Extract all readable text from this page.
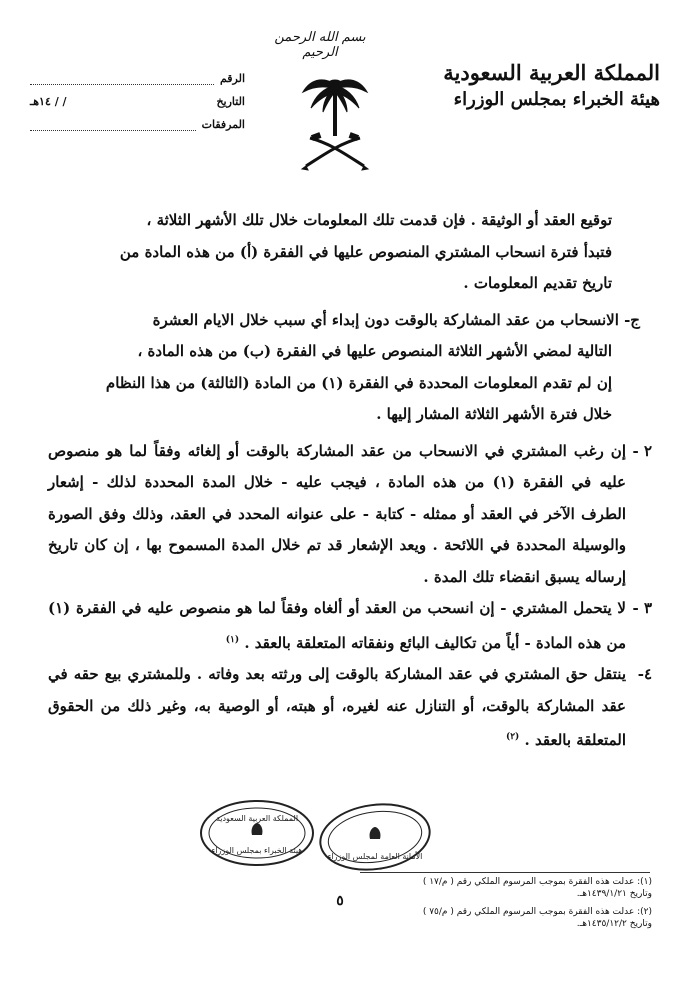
بسم الله الرحمن الرحيم
المملكة العربية السعودية
هيئة الخبراء بمجلس الوزراء
الرقم
التاريخ
/ / ١٤هـ
المرفقات

توقيع العقد أو الوثيقة . فإن قدمت تلك المعلومات خلال تلك الأشهر الثلاثة ،

فتبدأ فترة انسحاب المشتري المنصوص عليها في الفقرة (أ) من هذه المادة من

تاريخ تقديم المعلومات .

ج- الانسحاب من عقد المشاركة بالوقت دون إبداء أي سبب خلال الايام العشرة

التالية لمضي الأشهر الثلاثة المنصوص عليها في الفقرة (ب) من هذه المادة ،

إن لم تقدم المعلومات المحددة في الفقرة (١) من المادة (الثالثة) من هذا النظام

خلال فترة الأشهر الثلاثة المشار إليها .

٢ -
إن رغب المشتري في الانسحاب من عقد المشاركة بالوقت أو إلغائه وفقاً لما هو منصوص عليه في الفقرة (١) من هذه المادة ، فيجب عليه - خلال المدة المحددة لذلك - إشعار الطرف الآخر في العقد أو ممثله - كتابة - على عنوانه المحدد في العقد، وذلك وفق الصورة والوسيلة المحددة في اللائحة . ويعد الإشعار قد تم خلال المدة المسموح بها ، إن كان تاريخ إرساله يسبق انقضاء تلك المدة .
٣ -
لا يتحمل المشتري - إن انسحب من العقد أو ألغاه وفقاً لما هو منصوص عليه في الفقرة (١) من هذه المادة - أياً من تكاليف البائع ونفقاته المتعلقة بالعقد . $^{(١)}$
٤-
ينتقل حق المشتري في عقد المشاركة بالوقت إلى ورثته بعد وفاته . وللمشتري بيع حقه في عقد المشاركة بالوقت، أو التنازل عنه لغيره، أو هبته، أو الوصية به، وغير ذلك من الحقوق المتعلقة بالعقد . $^{(٢)}$
المملكة العربية السعودية
هيئة الخبراء بمجلس الوزراء
الأمانة العامة لمجلس الوزراء

(١): عدلت هذه الفقرة بموجب المرسوم الملكي رقم ( م/١٧ )
وتاريخ ١٤٣٩/١/٢١هـ.

(٢): عدلت هذه الفقرة بموجب المرسوم الملكي رقم ( م/٧٥ )
وتاريخ ١٤٣٥/١٢/٢هـ.

٥
